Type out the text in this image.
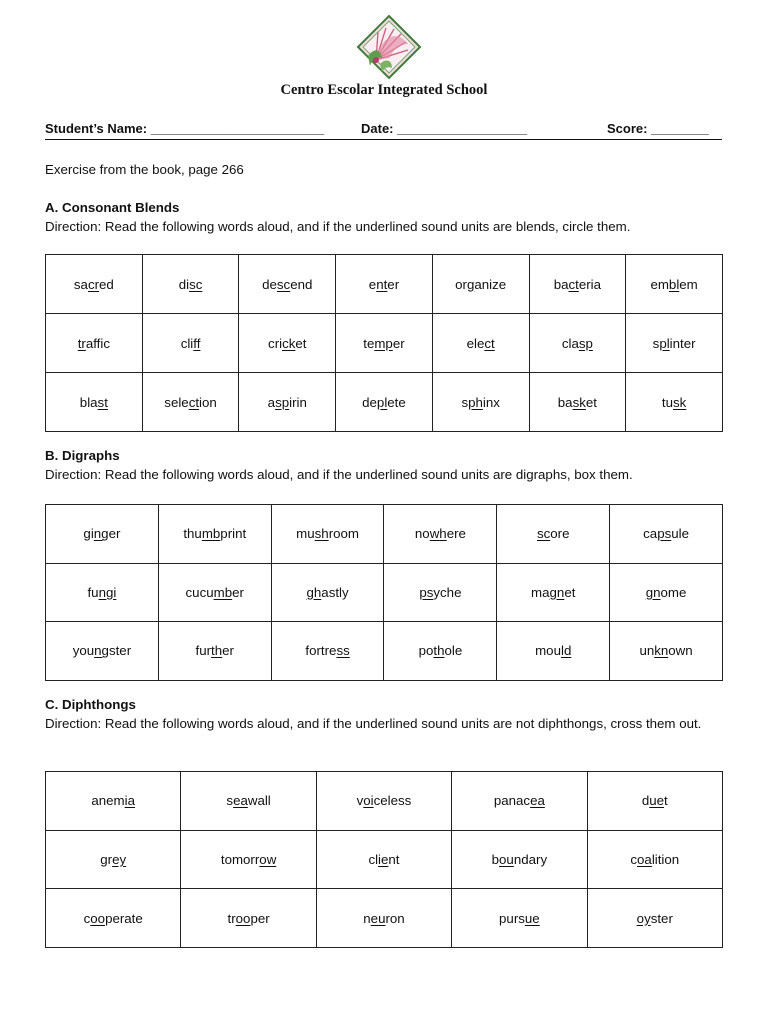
Centro Escolar Integrated School
Student’s Name: ________________________	Date: __________________	Score: ________
Exercise from the book, page 266
A. Consonant Blends
Direction: Read the following words aloud, and if the underlined sound units are blends, circle them.
sacred	disc	descend	enter	organize	bacteria	emblem
traffic	cliff	cricket	temper	elect	clasp	splinter
blast	selection	aspirin	deplete	sphinx	basket	tusk
B. Digraphs
Direction: Read the following words aloud, and if the underlined sound units are digraphs, box them.
ginger	thumbprint	mushroom	nowhere	score	capsule
fungi	cucumber	ghastly	psyche	magnet	gnome
youngster	further	fortress	pothole	mould	unknown
C. Diphthongs
Direction: Read the following words aloud, and if the underlined sound units are not diphthongs, cross them out.
anemia	seawall	voiceless	panacea	duet
grey	tomorrow	client	boundary	coalition
cooperate	trooper	neuron	pursue	oyster
